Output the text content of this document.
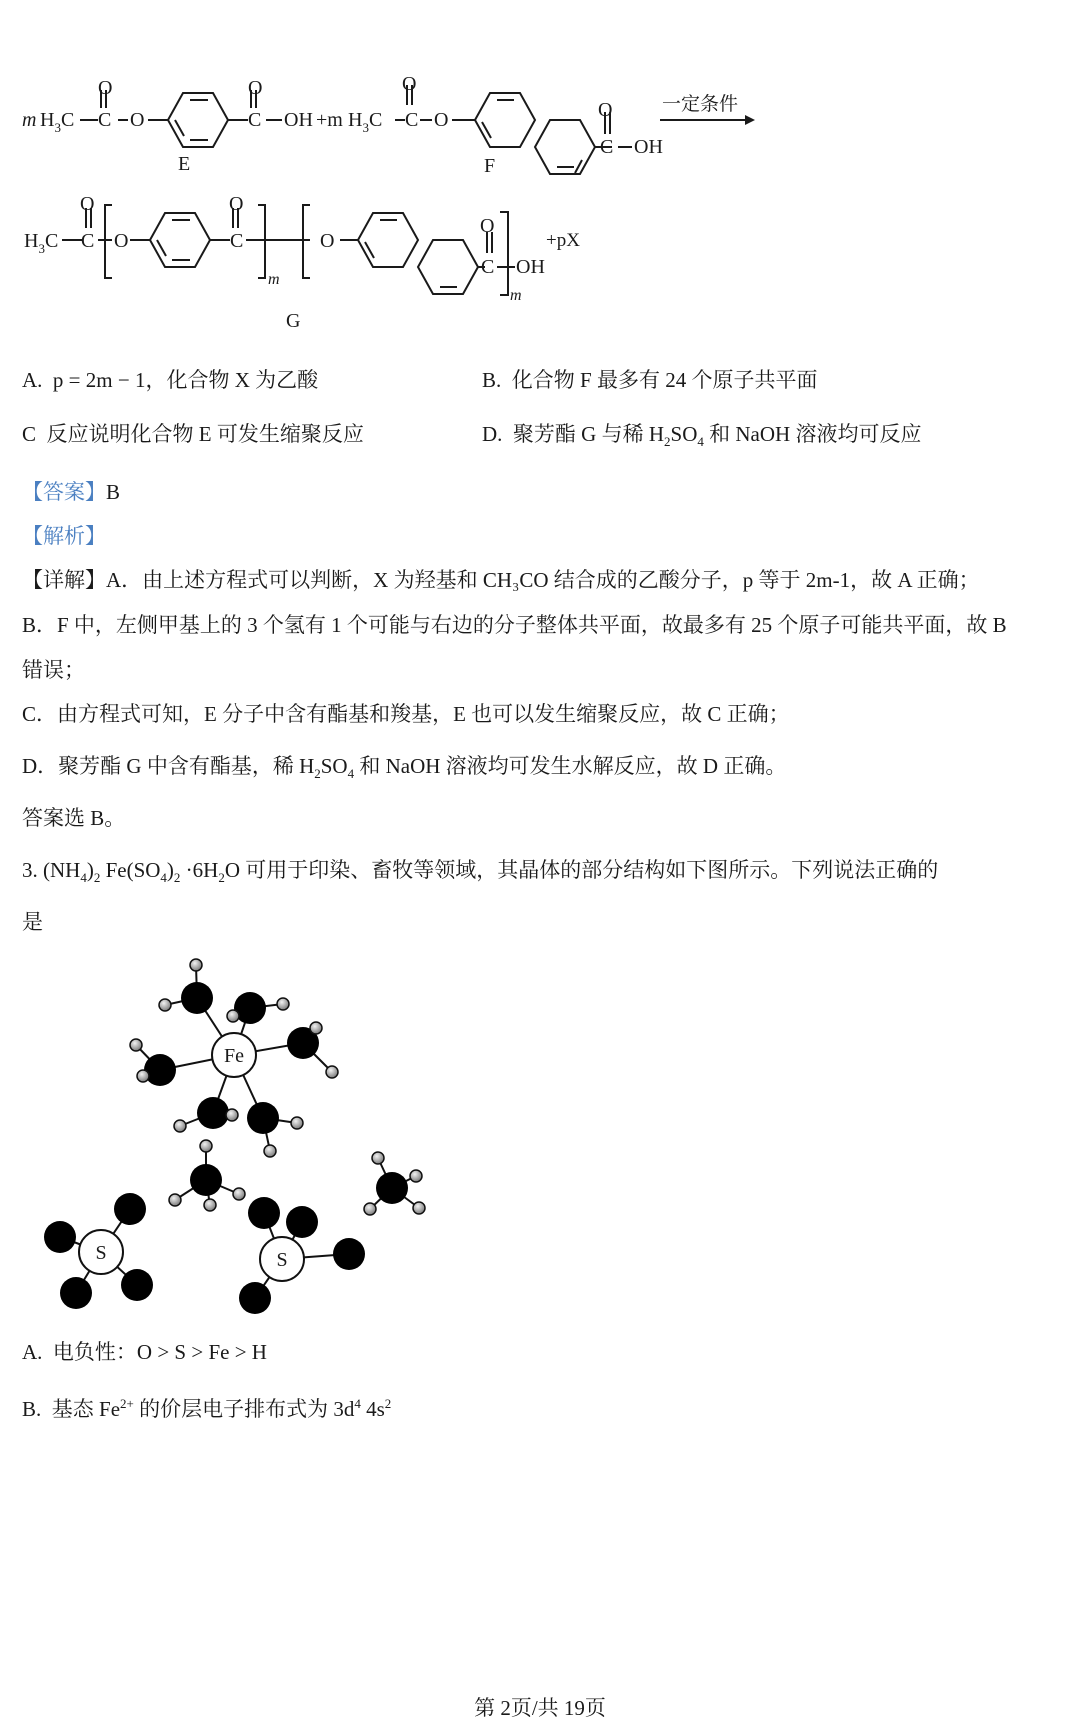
m $H_3C$ C
O
O	C
O
OH +m $H_3C$ C
O
O
C
O
OH
E	F
一定条件
$H_3C$ C
O
O	C
O
m
O
C
O
OH
m
+pX
G
A. p = 2m − 1，化合物 X 为乙酸	B. 化合物 F 最多有 24 个原子共平面
C 反应说明化合物 E 可发生缩聚反应	D. 聚芳酯 G 与稀 $H_2SO_4$ 和 NaOH 溶液均可反应
【答案】B
【解析】
【详解】A．由上述方程式可以判断，X 为羟基和 CH₃CO 结合成的乙酸分子，p 等于 2m-1，故 A 正确；
B．F 中，左侧甲基上的 3 个氢有 1 个可能与右边的分子整体共平面，故最多有 25 个原子可能共平面，故 B
错误；
C．由方程式可知，E 分子中含有酯基和羧基，E 也可以发生缩聚反应，故 C 正确；
D．聚芳酯 G 中含有酯基，稀 $H_2SO_4$ 和 NaOH 溶液均可发生水解反应，故 D 正确。
答案选 B。
3. $(NH_4)_2$ $Fe(SO_4)_2 \cdot 6H_2O$ 可用于印染、畜牧等领域，其晶体的部分结构如下图所示。下列说法正确的
是
Fe
S	S
A. 电负性：O > S > Fe > H
B. 基态 $Fe^{2+}$ 的价层电子排布式为 $3d^4$ $4s^2$
第 2页/共 19页
